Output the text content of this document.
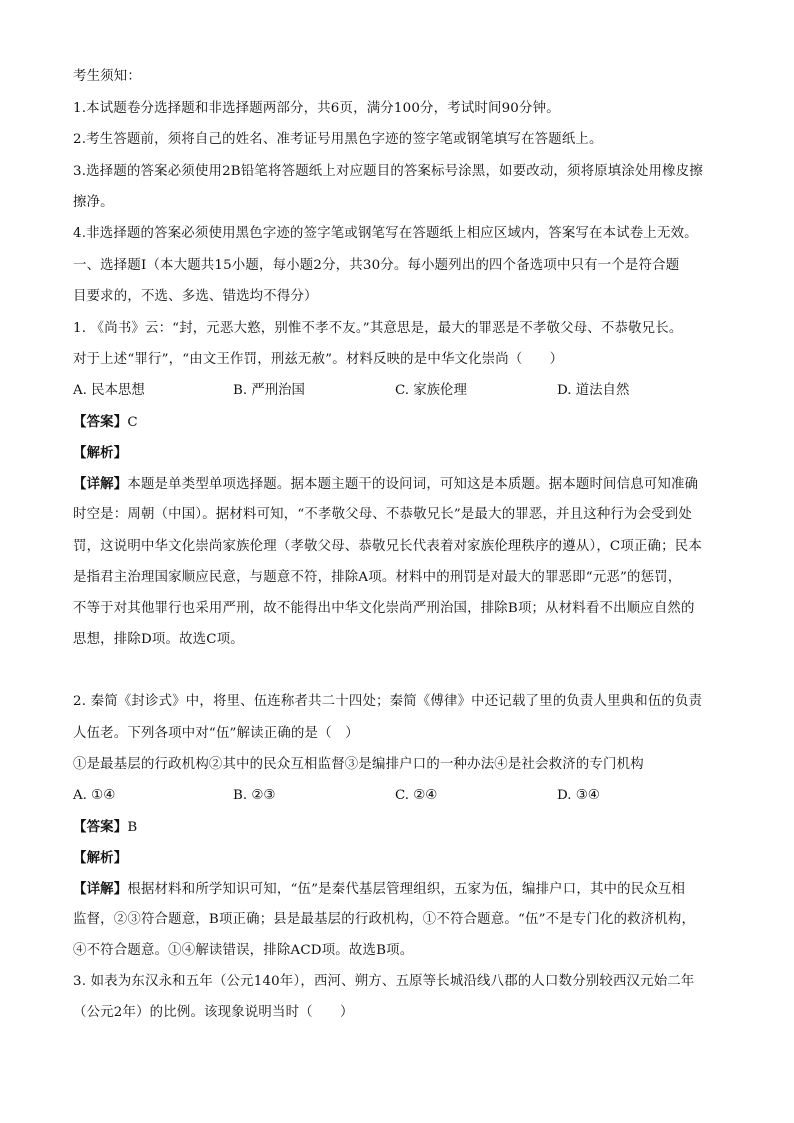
考生须知：
1.本试题卷分选择题和非选择题两部分，共6页，满分100分，考试时间90分钟。
2.考生答题前，须将自己的姓名、准考证号用黑色字迹的签字笔或钢笔填写在答题纸上。
3.选择题的答案必须使用2B铅笔将答题纸上对应题目的答案标号涂黑，如要改动，须将原填涂处用橡皮擦
擦净。
4.非选择题的答案必须使用黑色字迹的签字笔或钢笔写在答题纸上相应区域内，答案写在本试卷上无效。
一、选择题Ⅰ（本大题共15小题，每小题2分，共30分。每小题列出的四个备选项中只有一个是符合题
目要求的，不选、多选、错选均不得分）
1. 《尚书》云：“封，元恶大憝，别惟不孝不友。”其意思是，最大的罪恶是不孝敬父母、不恭敬兄长。
对于上述“罪行”，“由文王作罚，刑兹无赦”。材料反映的是中华文化崇尚（　　）
A. 民本思想	B. 严刑治国	C. 家族伦理	D. 道法自然
【答案】C
【解析】
【详解】本题是单类型单项选择题。据本题主题干的设问词，可知这是本质题。据本题时间信息可知准确
时空是：周朝（中国）。据材料可知，“不孝敬父母、不恭敬兄长”是最大的罪恶，并且这种行为会受到处
罚，这说明中华文化崇尚家族伦理（孝敬父母、恭敬兄长代表着对家族伦理秩序的遵从），C项正确；民本
是指君主治理国家顺应民意，与题意不符，排除A项。材料中的刑罚是对最大的罪恶即“元恶”的惩罚，
不等于对其他罪行也采用严刑，故不能得出中华文化崇尚严刑治国，排除B项；从材料看不出顺应自然的
思想，排除D项。故选C项。
2. 秦简《封诊式》中，将里、伍连称者共二十四处；秦简《傅律》中还记载了里的负责人里典和伍的负责
人伍老。下列各项中对“伍”解读正确的是（　）
①是最基层的行政机构②其中的民众互相监督③是编排户口的一种办法④是社会救济的专门机构
A. ①④	B. ②③	C. ②④	D. ③④
【答案】B
【解析】
【详解】根据材料和所学知识可知，“伍”是秦代基层管理组织，五家为伍，编排户口，其中的民众互相
监督，②③符合题意，B项正确；县是最基层的行政机构，①不符合题意。“伍”不是专门化的救济机构，
④不符合题意。①④解读错误，排除ACD项。故选B项。
3. 如表为东汉永和五年（公元140年），西河、朔方、五原等长城沿线八郡的人口数分别较西汉元始二年
（公元2年）的比例。该现象说明当时（　　）
